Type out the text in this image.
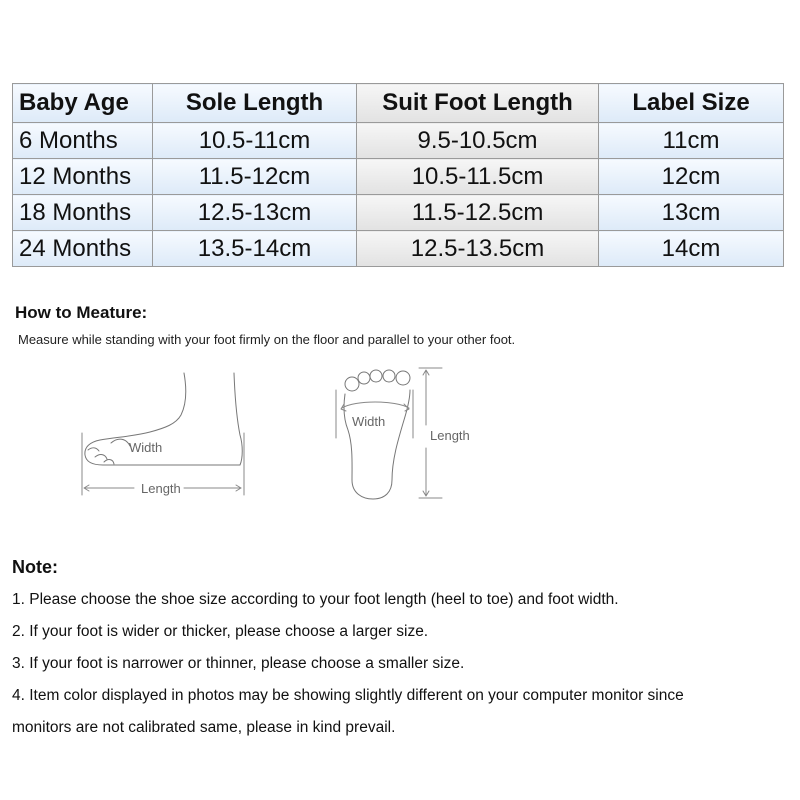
Baby Age	Sole Length	Suit Foot Length	Label Size
6 Months	10.5-11cm	9.5-10.5cm	11cm
12 Months	11.5-12cm	10.5-11.5cm	12cm
18 Months	12.5-13cm	11.5-12.5cm	13cm
24 Months	13.5-14cm	12.5-13.5cm	14cm
How to Meature:
Measure while standing with your foot firmly on the floor and parallel to your other foot.
Width
Length
Width
Length
Note:
1. Please choose the shoe size according to your foot length (heel to toe) and foot width.
2. If your foot is wider or thicker, please choose a larger size.
3. If your foot is narrower or thinner, please choose a smaller size.
4. Item color displayed in photos may be showing slightly different on your computer monitor since
monitors are not calibrated same, please in kind prevail.
